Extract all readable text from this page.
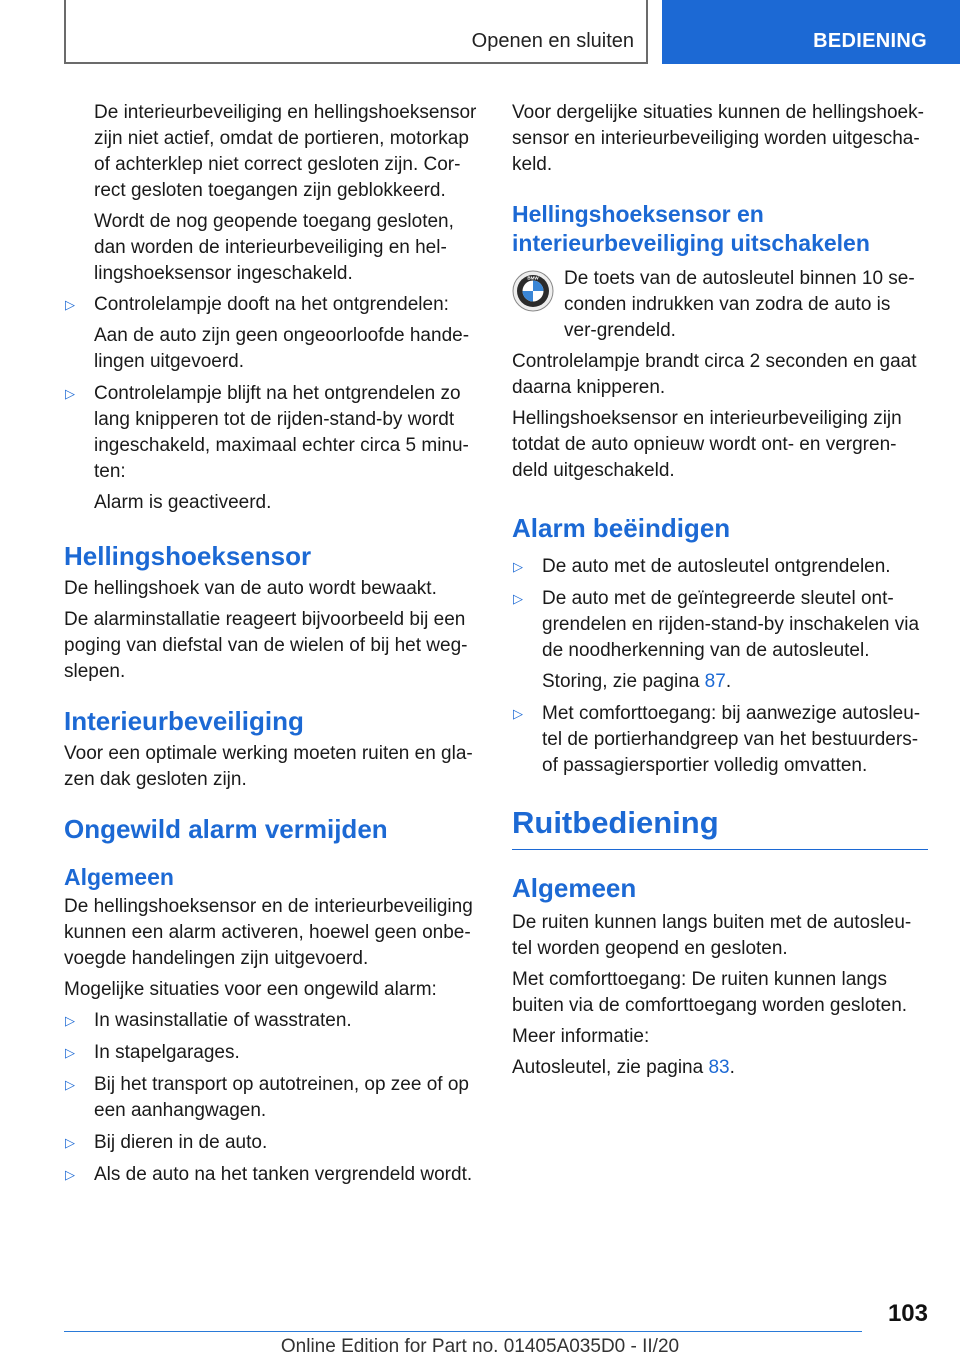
Openen en sluiten	BEDIENING

De interieurbeveiliging en hellingshoeksensor zijn niet actief, omdat de portieren, motorkap of achterklep niet correct gesloten zijn. Cor-rect gesloten toegangen zijn geblokkeerd.

Wordt de nog geopende toegang gesloten, dan worden de interieurbeveiliging en hel-lingshoeksensor ingeschakeld.

▷ Controlelampje dooft na het ontgrendelen:
Aan de auto zijn geen ongeoorloofde hande-lingen uitgevoerd.
▷ Controlelampje blijft na het ontgrendelen zo lang knipperen tot de rijden-stand-by wordt ingeschakeld, maximaal echter circa 5 minu-ten:
Alarm is geactiveerd.
Hellingshoeksensor

De hellingshoek van de auto wordt bewaakt.

De alarminstallatie reageert bijvoorbeeld bij een poging van diefstal van de wielen of bij het weg-slepen.

Interieurbeveiliging

Voor een optimale werking moeten ruiten en gla-zen dak gesloten zijn.

Ongewild alarm vermijden
Algemeen

De hellingshoeksensor en de interieurbeveiliging kunnen een alarm activeren, hoewel geen onbe-voegde handelingen zijn uitgevoerd.

Mogelijke situaties voor een ongewild alarm:

▷ In wasinstallatie of wasstraten.
▷ In stapelgarages.
▷ Bij het transport op autotreinen, op zee of op een aanhangwagen.
▷ Bij dieren in de auto.
▷ Als de auto na het tanken vergrendeld wordt.

Voor dergelijke situaties kunnen de hellingshoek-sensor en interieurbeveiliging worden uitgescha-keld.

Hellingshoeksensor en interieurbeveiliging uitschakelen
BMW De toets van de autosleutel binnen 10 se-conden indrukken van zodra de auto is ver-grendeld.

Controlelampje brandt circa 2 seconden en gaat daarna knipperen.

Hellingshoeksensor en interieurbeveiliging zijn totdat de auto opnieuw wordt ont- en vergren-deld uitgeschakeld.

Alarm beëindigen
▷ De auto met de autosleutel ontgrendelen.
▷ De auto met de geïntegreerde sleutel ont-grendelen en rijden-stand-by inschakelen via de noodherkenning van de autosleutel.
Storing, zie pagina 87.
▷ Met comforttoegang: bij aanwezige autosleu-tel de portierhandgreep van het bestuurders-of passagiersportier volledig omvatten.
Ruitbediening
Algemeen

De ruiten kunnen langs buiten met de autosleu-tel worden geopend en gesloten.

Met comforttoegang: De ruiten kunnen langs buiten via de comforttoegang worden gesloten.

Meer informatie:

Autosleutel, zie pagina 83.

103
Online Edition for Part no. 01405A035D0 - II/20
